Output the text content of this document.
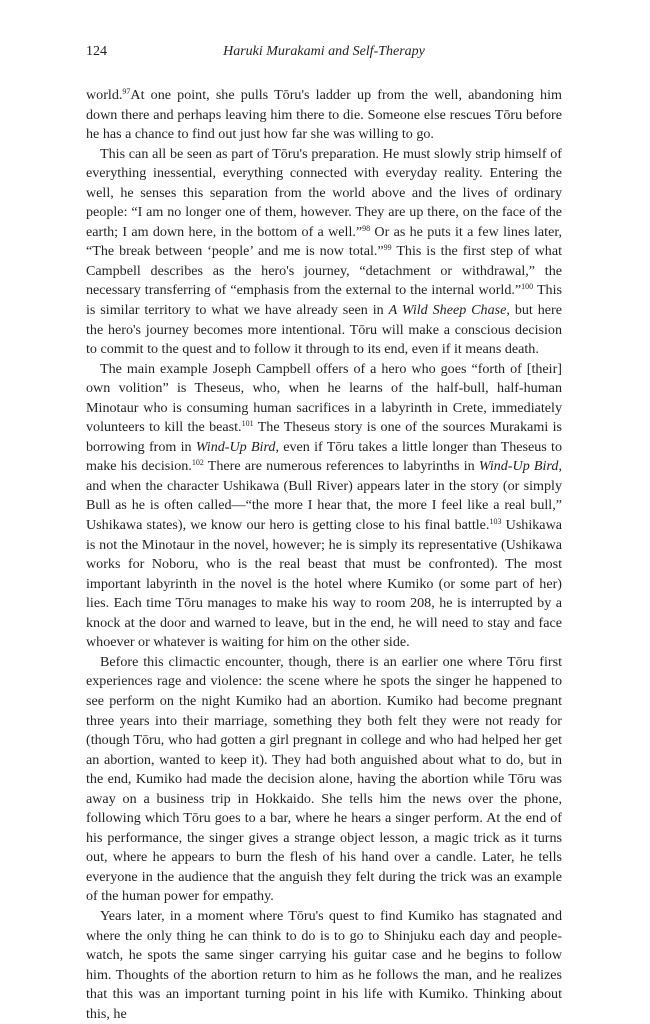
124	Haruki Murakami and Self-Therapy

world.$^{97}$At one point, she pulls Tōru's ladder up from the well, abandoning him down there and perhaps leaving him there to die. Someone else rescues Tōru before he has a chance to find out just how far she was willing to go.

This can all be seen as part of Tōru's preparation. He must slowly strip himself of everything inessential, everything connected with everyday reality. Entering the well, he senses this separation from the world above and the lives of ordinary people: “I am no longer one of them, however. They are up there, on the face of the earth; I am down here, in the bottom of a well.”$^{98}$ Or as he puts it a few lines later, “The break between ‘people’ and me is now total.”$^{99}$ This is the first step of what Campbell describes as the hero's journey, “detachment or withdrawal,” the necessary transferring of “emphasis from the external to the internal world.”$^{100}$ This is similar territory to what we have already seen in A Wild Sheep Chase, but here the hero's journey becomes more intentional. Tōru will make a conscious decision to commit to the quest and to follow it through to its end, even if it means death.

The main example Joseph Campbell offers of a hero who goes “forth of [their] own volition” is Theseus, who, when he learns of the half-bull, half-human Minotaur who is consuming human sacrifices in a labyrinth in Crete, immediately volunteers to kill the beast.$^{101}$ The Theseus story is one of the sources Murakami is borrowing from in Wind-Up Bird, even if Tōru takes a little longer than Theseus to make his decision.$^{102}$ There are numerous references to labyrinths in Wind-Up Bird, and when the character Ushikawa (Bull River) appears later in the story (or simply Bull as he is often called—“the more I hear that, the more I feel like a real bull,” Ushikawa states), we know our hero is getting close to his final battle.$^{103}$ Ushikawa is not the Minotaur in the novel, however; he is simply its representative (Ushikawa works for Noboru, who is the real beast that must be confronted). The most important labyrinth in the novel is the hotel where Kumiko (or some part of her) lies. Each time Tōru manages to make his way to room 208, he is interrupted by a knock at the door and warned to leave, but in the end, he will need to stay and face whoever or whatever is waiting for him on the other side.

Before this climactic encounter, though, there is an earlier one where Tōru first experiences rage and violence: the scene where he spots the singer he happened to see perform on the night Kumiko had an abortion. Kumiko had become pregnant three years into their marriage, something they both felt they were not ready for (though Tōru, who had gotten a girl pregnant in college and who had helped her get an abortion, wanted to keep it). They had both anguished about what to do, but in the end, Kumiko had made the decision alone, having the abortion while Tōru was away on a business trip in Hokkaido. She tells him the news over the phone, following which Tōru goes to a bar, where he hears a singer perform. At the end of his performance, the singer gives a strange object lesson, a magic trick as it turns out, where he appears to burn the flesh of his hand over a candle. Later, he tells everyone in the audience that the anguish they felt during the trick was an example of the human power for empathy.

Years later, in a moment where Tōru's quest to find Kumiko has stagnated and where the only thing he can think to do is to go to Shinjuku each day and people-watch, he spots the same singer carrying his guitar case and he begins to follow him. Thoughts of the abortion return to him as he follows the man, and he realizes that this was an important turning point in his life with Kumiko. Thinking about this, he
